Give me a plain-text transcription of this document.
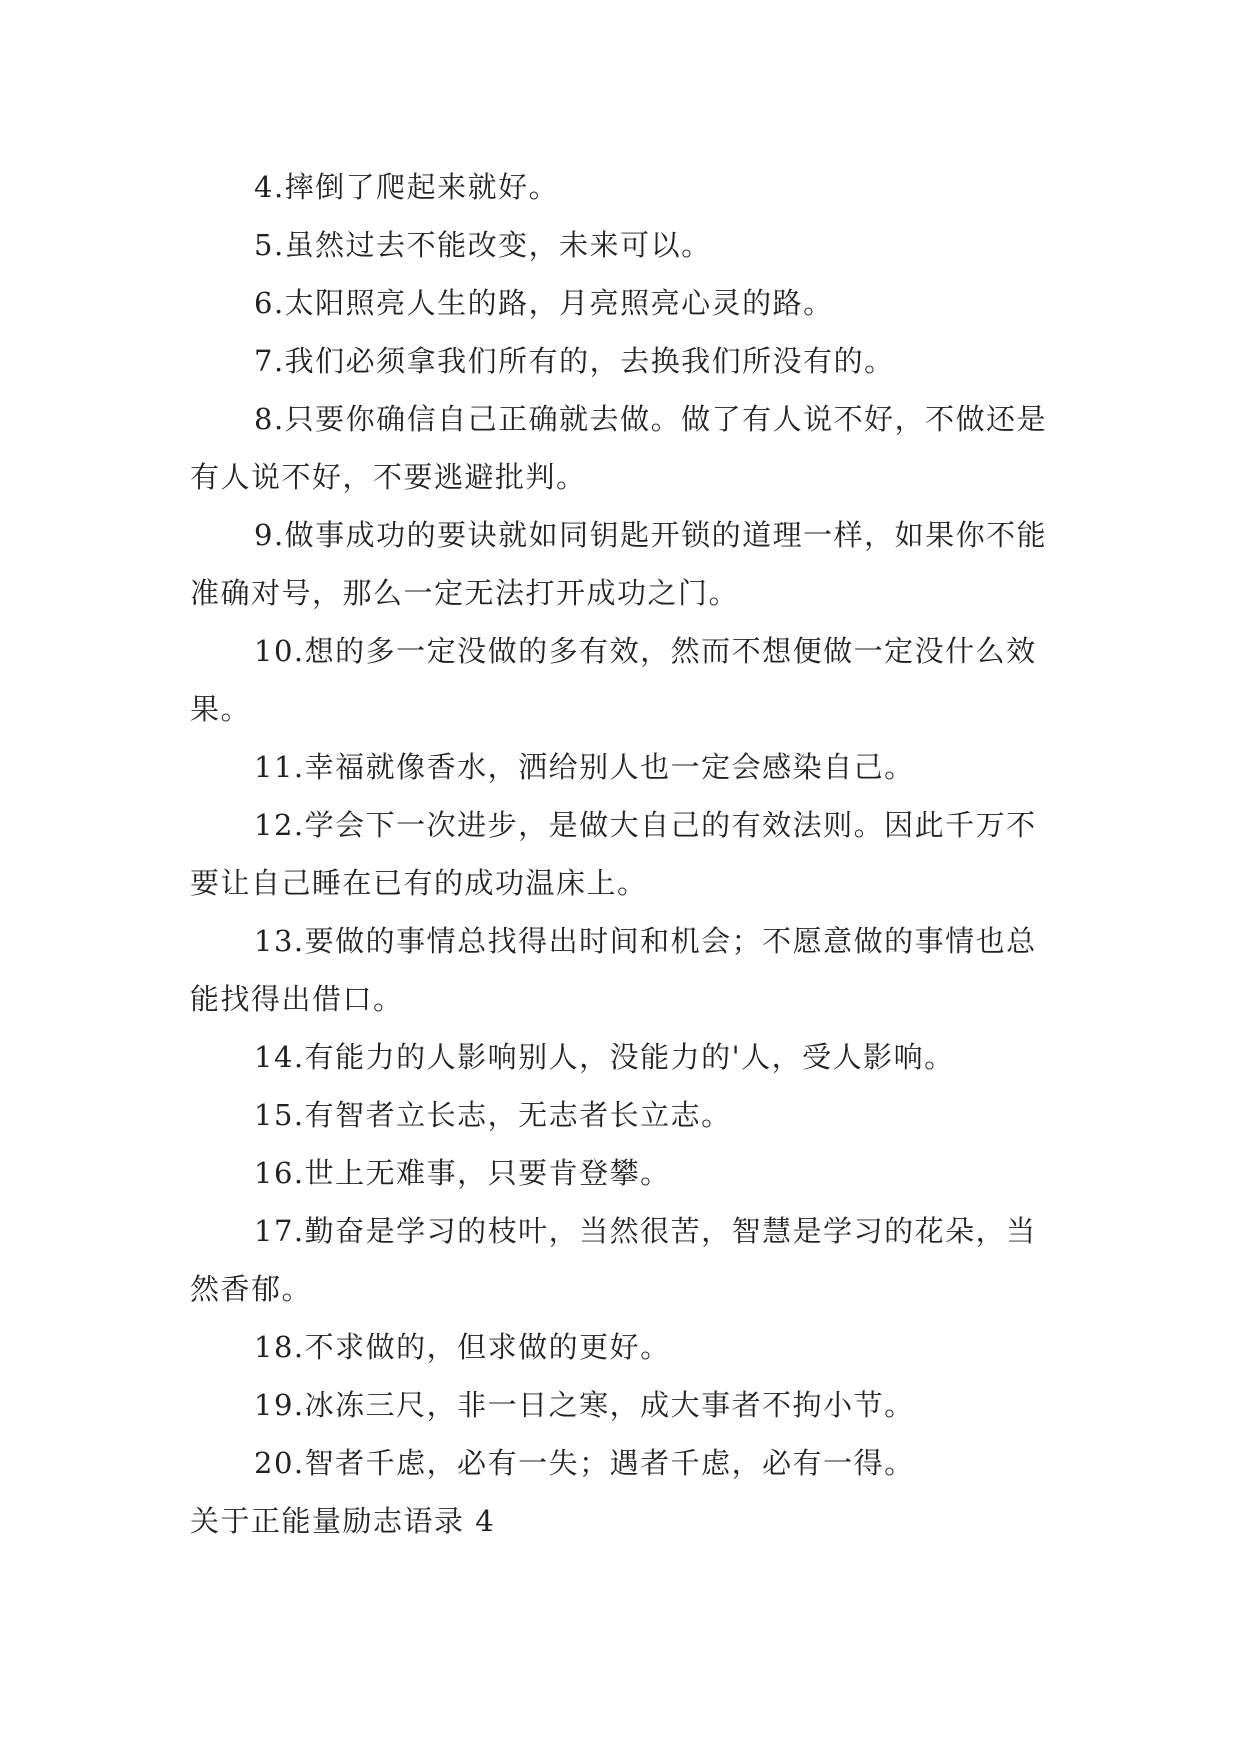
4.摔倒了爬起来就好。

5.虽然过去不能改变，未来可以。

6.太阳照亮人生的路，月亮照亮心灵的路。

7.我们必须拿我们所有的，去换我们所没有的。

8.只要你确信自己正确就去做。做了有人说不好，不做还是有人说不好，不要逃避批判。

9.做事成功的要诀就如同钥匙开锁的道理一样，如果你不能准确对号，那么一定无法打开成功之门。

10.想的多一定没做的多有效，然而不想便做一定没什么效果。

11.幸福就像香水，洒给别人也一定会感染自己。

12.学会下一次进步，是做大自己的有效法则。因此千万不要让自己睡在已有的成功温床上。

13.要做的事情总找得出时间和机会；不愿意做的事情也总能找得出借口。

14.有能力的人影响别人，没能力的'人，受人影响。

15.有智者立长志，无志者长立志。

16.世上无难事，只要肯登攀。

17.勤奋是学习的枝叶，当然很苦，智慧是学习的花朵，当然香郁。

18.不求做的，但求做的更好。

19.冰冻三尺，非一日之寒，成大事者不拘小节。

20.智者千虑，必有一失；遇者千虑，必有一得。

关于正能量励志语录 4
